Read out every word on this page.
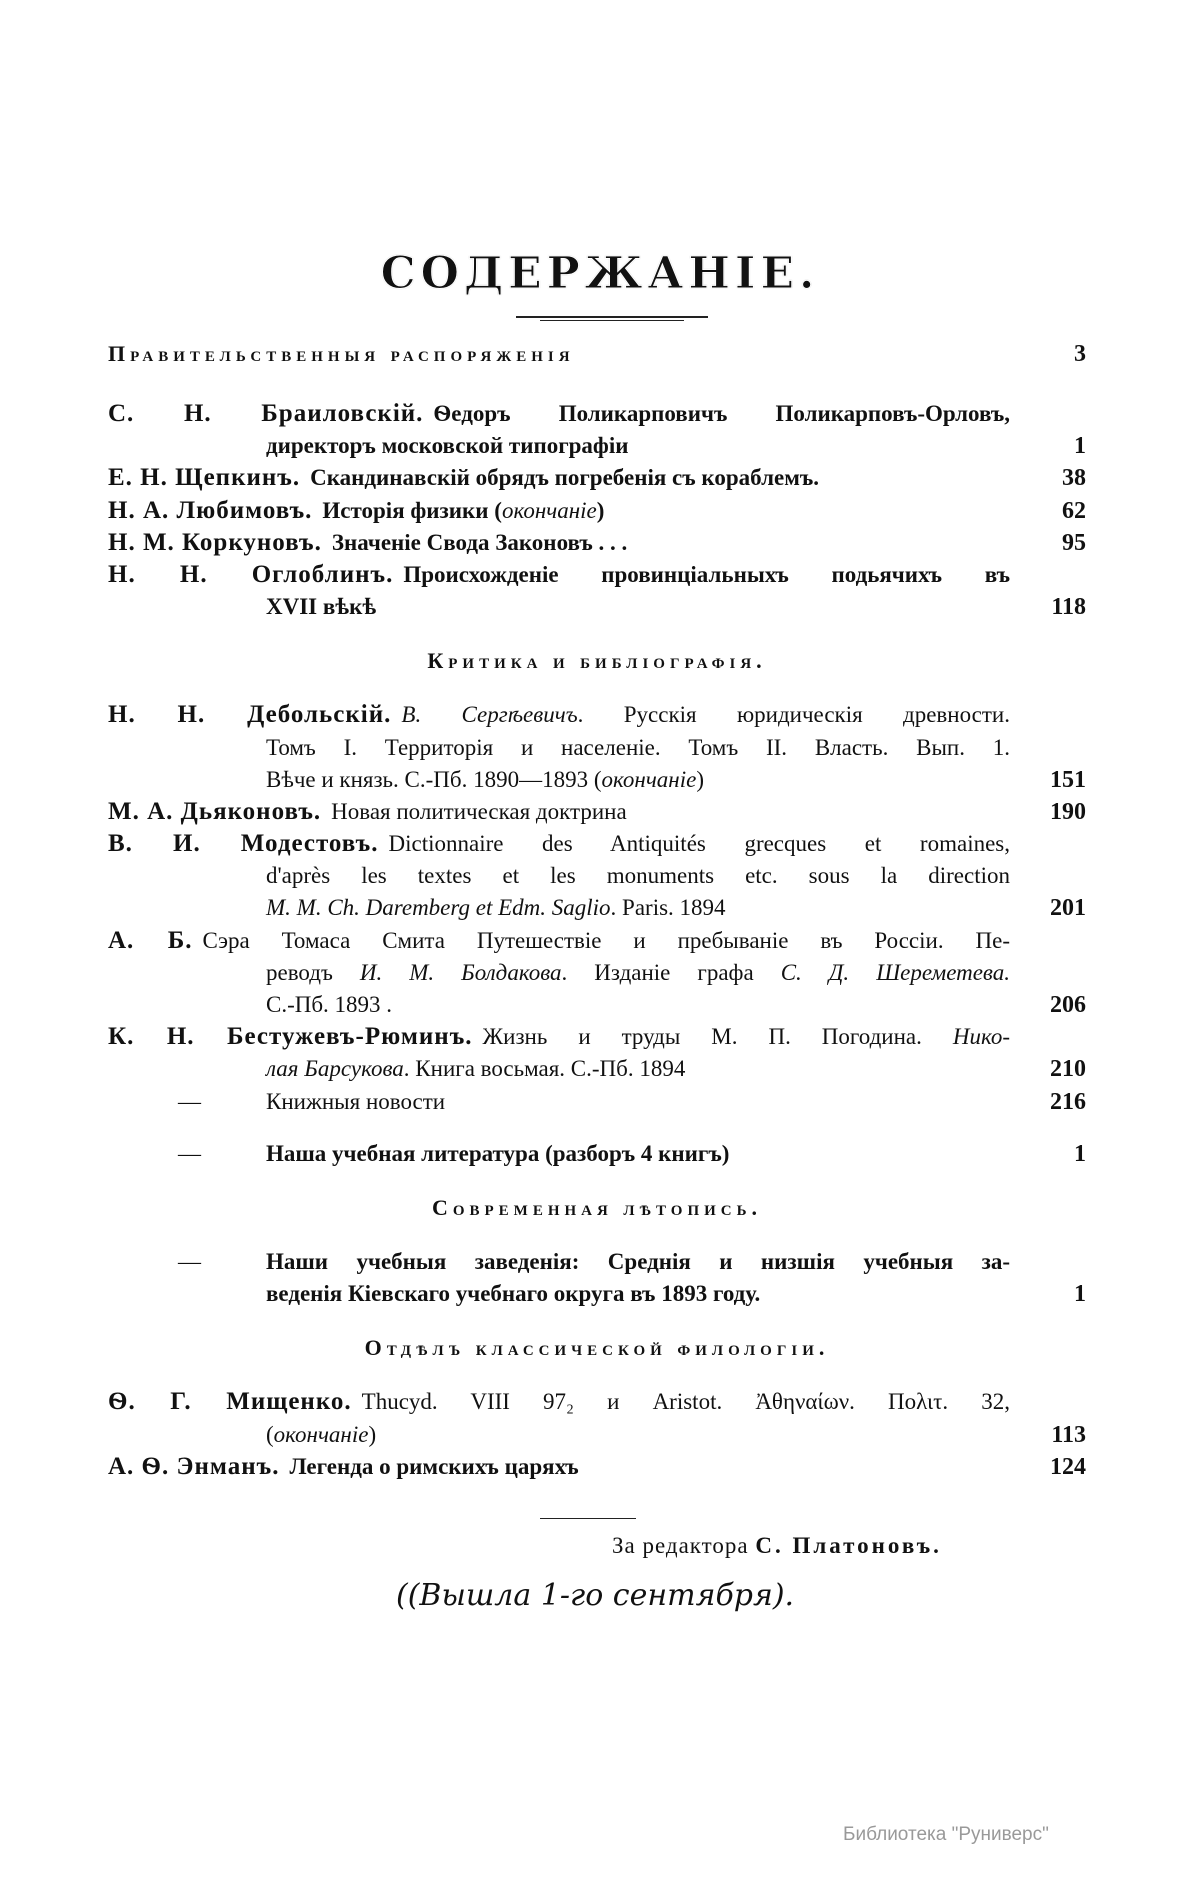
СОДЕРЖАНІЕ.
Правительственныя распоряженія	3
С. Н. Браиловскій. Ѳедоръ Поликарповичъ Поликарповъ-Орловъ,
директоръ московской типографіи	1
Е. Н. Щепкинъ. Скандинавскій обрядъ погребенія съ кораблемъ.	38
Н. А. Любимовъ. Исторія физики (окончаніе)	62
Н. М. Коркуновъ. Значеніе Свода Законовъ . . .	95
Н. Н. Оглоблинъ. Происхожденіе провинціальныхъ подьячихъ въ
XVII вѣкѣ	118
Критика и библіографія.
Н. Н. Дебольскій. В. Сергѣевичъ. Русскія юридическія древности.
Томъ I. Территорія и населеніе. Томъ II. Власть. Вып. 1.
Вѣче и князь. С.-Пб. 1890—1893 (окончаніе)	151
М. А. Дьяконовъ. Новая политическая доктрина	190
В. И. Модестовъ. Dictionnaire des Antiquités grecques et romaines,
d'après les textes et les monuments etc. sous la direction
M. M. Ch. Daremberg et Edm. Saglio. Paris. 1894	201
А. Б. Сэра Томаса Смита Путешествіе и пребываніе въ Россіи. Пе-
реводъ И. М. Болдакова. Изданіе графа С. Д. Шереметева.
С.-Пб. 1893 .	206
К. Н. Бестужевъ-Рюминъ. Жизнь и труды М. П. Погодина. Нико-
лая Барсукова. Книга восьмая. С.-Пб. 1894	210
—	Книжныя новости	216
—	Наша учебная литература (разборъ 4 книгъ)	1
Современная лѣтопись.
—	Наши учебныя заведенія: Среднія и низшія учебныя за-
веденія Кіевскаго учебнаго округа въ 1893 году.	1
Отдѣлъ классической филологіи.
Ѳ. Г. Мищенко. Thucyd. VIII 97₂ и Aristot. Ἀθηναίων. Πολιτ. 32,
(окончаніе)	113
А. Ѳ. Энманъ. Легенда о римскихъ царяхъ	124
За редактора С. Платоновъ.
((Вышла 1-го сентября).
Библиотека "Руниверс"
